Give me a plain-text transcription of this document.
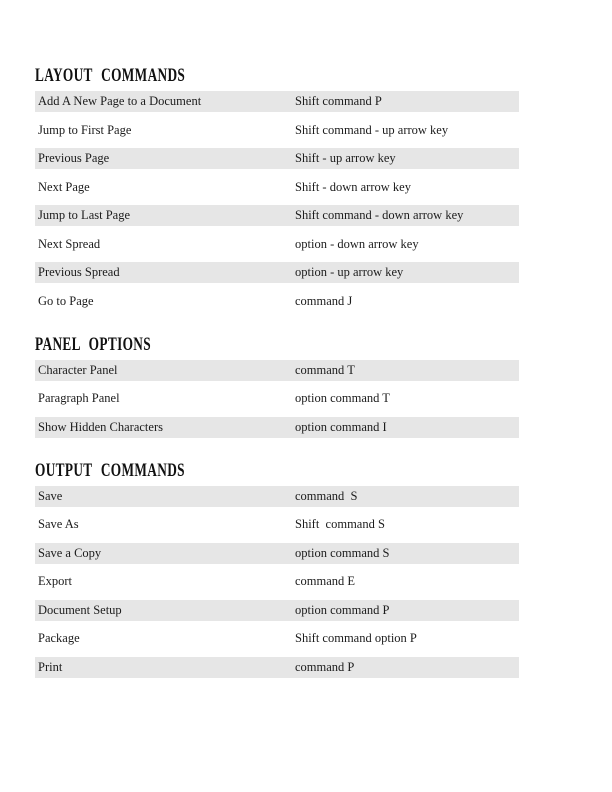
LAYOUT COMMANDS
Add A New Page to a Document	Shift command P
Jump to First Page	Shift command - up arrow key
Previous Page	Shift - up arrow key
Next Page	Shift - down arrow key
Jump to Last Page	Shift command - down arrow key
Next Spread	option - down arrow key
Previous Spread	option - up arrow key
Go to Page	command J
PANEL OPTIONS
Character Panel	command T
Paragraph Panel	option command T
Show Hidden Characters	option command I
OUTPUT COMMANDS
Save	command  S
Save As	Shift  command S
Save a Copy	option command S
Export	command E
Document Setup	option command P
Package	Shift command option P
Print	command P
